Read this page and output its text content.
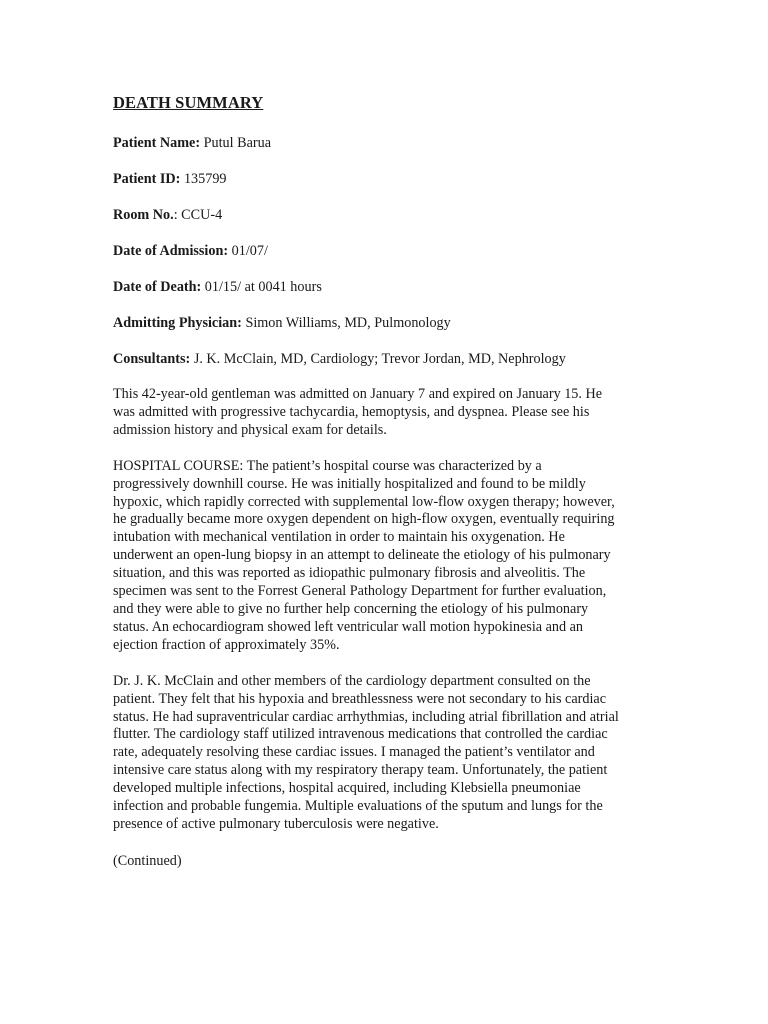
DEATH SUMMARY
Patient Name: Putul Barua
Patient ID: 135799
Room No.: CCU-4
Date of Admission: 01/07/
Date of Death: 01/15/ at 0041 hours
Admitting Physician: Simon Williams, MD, Pulmonology
Consultants: J. K. McClain, MD, Cardiology; Trevor Jordan, MD, Nephrology
This 42-year-old gentleman was admitted on January 7 and expired on January 15. He
was admitted with progressive tachycardia, hemoptysis, and dyspnea. Please see his
admission history and physical exam for details.
HOSPITAL COURSE: The patient’s hospital course was characterized by a
progressively downhill course. He was initially hospitalized and found to be mildly
hypoxic, which rapidly corrected with supplemental low-flow oxygen therapy; however,
he gradually became more oxygen dependent on high-flow oxygen, eventually requiring
intubation with mechanical ventilation in order to maintain his oxygenation. He
underwent an open-lung biopsy in an attempt to delineate the etiology of his pulmonary
situation, and this was reported as idiopathic pulmonary fibrosis and alveolitis. The
specimen was sent to the Forrest General Pathology Department for further evaluation,
and they were able to give no further help concerning the etiology of his pulmonary
status. An echocardiogram showed left ventricular wall motion hypokinesia and an
ejection fraction of approximately 35%.
Dr. J. K. McClain and other members of the cardiology department consulted on the
patient. They felt that his hypoxia and breathlessness were not secondary to his cardiac
status. He had supraventricular cardiac arrhythmias, including atrial fibrillation and atrial
flutter. The cardiology staff utilized intravenous medications that controlled the cardiac
rate, adequately resolving these cardiac issues. I managed the patient’s ventilator and
intensive care status along with my respiratory therapy team. Unfortunately, the patient
developed multiple infections, hospital acquired, including Klebsiella pneumoniae
infection and probable fungemia. Multiple evaluations of the sputum and lungs for the
presence of active pulmonary tuberculosis were negative.
(Continued)
